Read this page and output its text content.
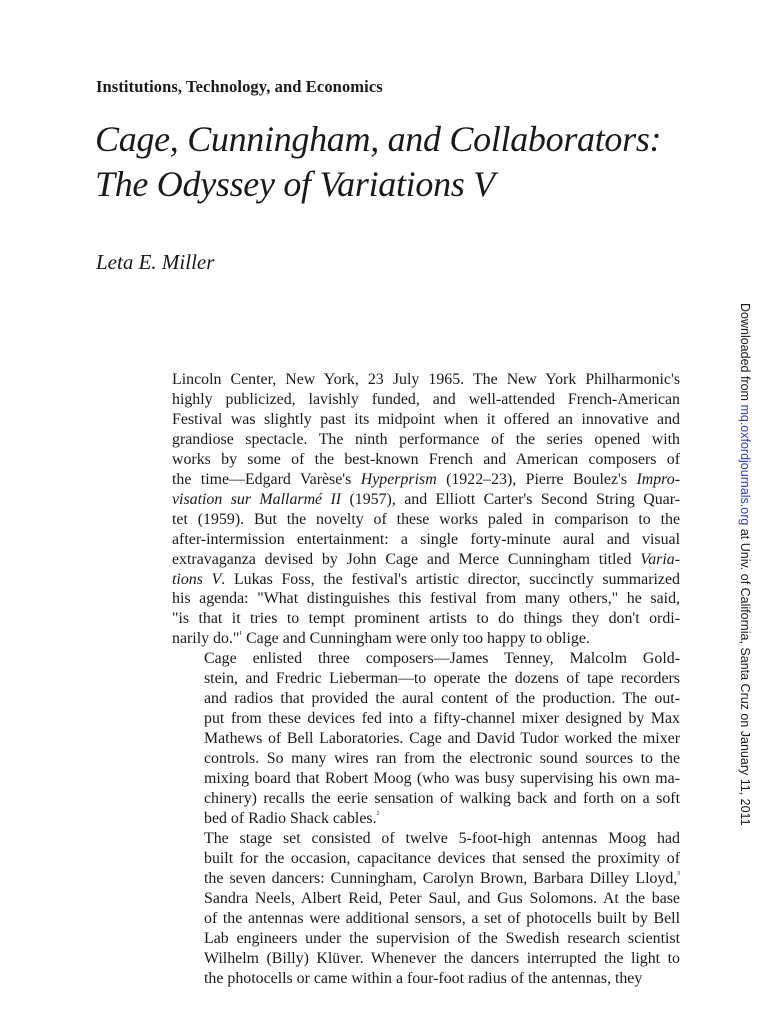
Institutions, Technology, and Economics
Cage, Cunningham, and Collaborators:
The Odyssey of Variations V
Leta E. Miller

Lincoln Center, New York, 23 July 1965. The New York Philharmonic's
highly publicized, lavishly funded, and well-attended French-American
Festival was slightly past its midpoint when it offered an innovative and
grandiose spectacle. The ninth performance of the series opened with
works by some of the best-known French and American composers of
the time—Edgard Varèse's Hyperprism (1922–23), Pierre Boulez's Impro-
visation sur Mallarmé II (1957), and Elliott Carter's Second String Quar-
tet (1959). But the novelty of these works paled in comparison to the
after-intermission entertainment: a single forty-minute aural and visual
extravaganza devised by John Cage and Merce Cunningham titled Varia-
tions V. Lukas Foss, the festival's artistic director, succinctly summarized
his agenda: "What distinguishes this festival from many others," he said,
"is that it tries to tempt prominent artists to do things they don't ordi-
narily do."$^{^1}$ Cage and Cunningham were only too happy to oblige.

Cage enlisted three composers—James Tenney, Malcolm Gold-
stein, and Fredric Lieberman—to operate the dozens of tape recorders
and radios that provided the aural content of the production. The out-
put from these devices fed into a fifty-channel mixer designed by Max
Mathews of Bell Laboratories. Cage and David Tudor worked the mixer
controls. So many wires ran from the electronic sound sources to the
mixing board that Robert Moog (who was busy supervising his own ma-
chinery) recalls the eerie sensation of walking back and forth on a soft
bed of Radio Shack cables.$^{^2}$

The stage set consisted of twelve 5-foot-high antennas Moog had
built for the occasion, capacitance devices that sensed the proximity of
the seven dancers: Cunningham, Carolyn Brown, Barbara Dilley Lloyd,$^{^3}$
Sandra Neels, Albert Reid, Peter Saul, and Gus Solomons. At the base
of the antennas were additional sensors, a set of photocells built by Bell
Lab engineers under the supervision of the Swedish research scientist
Wilhelm (Billy) Klüver. Whenever the dancers interrupted the light to
the photocells or came within a four-foot radius of the antennas, they

Downloaded from mq.oxfordjournals.org at Univ. of California, Santa Cruz on January 11, 2011
